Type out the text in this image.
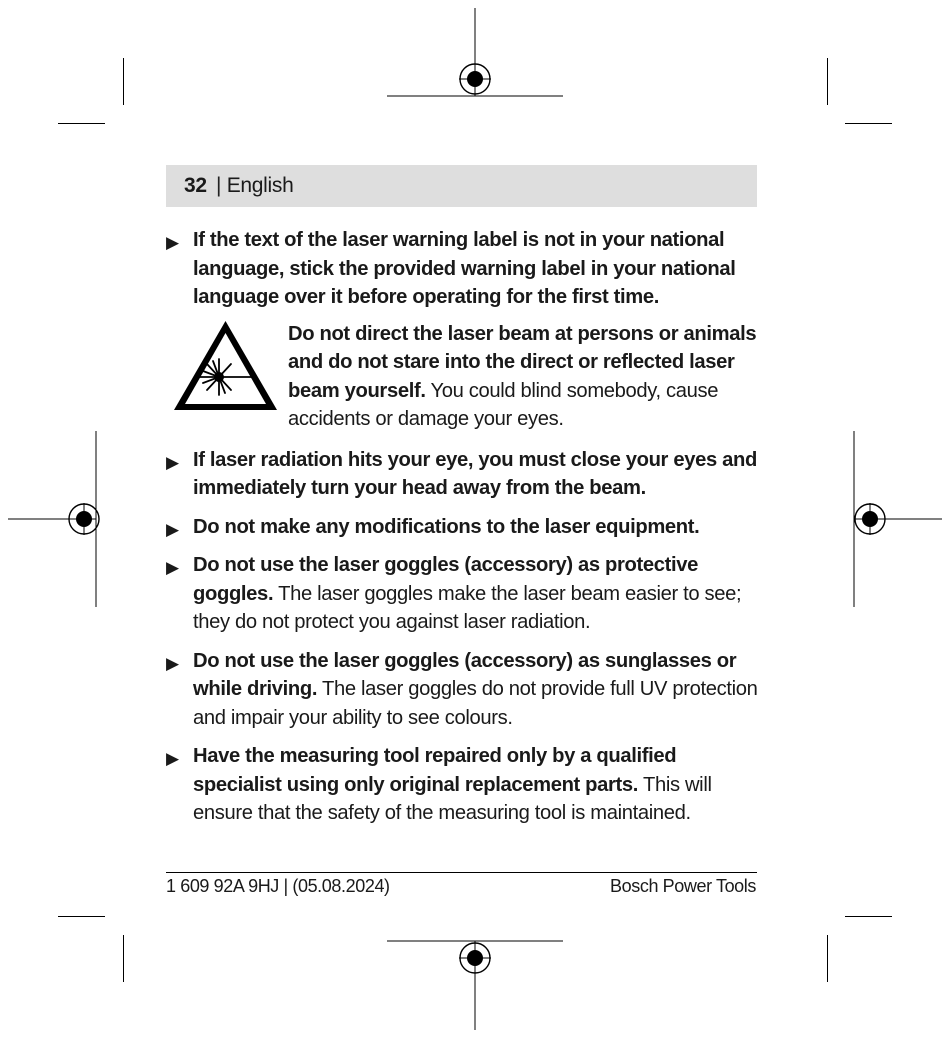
32
| English
▶ If the text of the laser warning label is not in your national language, stick the provided warning label in your national language over it before operating for the first time.
Do not direct the laser beam at persons or animals and do not stare into the direct or reflected laser beam yourself. You could blind somebody, cause accidents or damage your eyes.
▶ If laser radiation hits your eye, you must close your eyes and immediately turn your head away from the beam.
▶ Do not make any modifications to the laser equipment.
▶ Do not use the laser goggles (accessory) as protective goggles. The laser goggles make the laser beam easier to see; they do not protect you against laser radiation.
▶ Do not use the laser goggles (accessory) as sunglasses or while driving. The laser goggles do not provide full UV protection and impair your ability to see colours.
▶ Have the measuring tool repaired only by a qualified specialist using only original replacement parts. This will ensure that the safety of the measuring tool is maintained.
1 609 92A 9HJ | (05.08.2024)	Bosch Power Tools
